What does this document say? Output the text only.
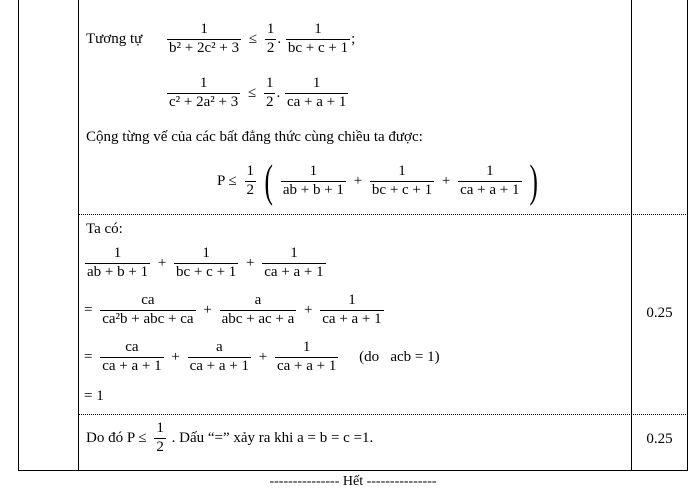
Tương tự $\frac{1}{\text{b² + 2c² + 3}} \le \frac{1}{2}$ . $\frac{1}{bc + c + 1}$ ;
$\frac{1}{\text{c² + 2a² + 3}} \le \frac{1}{2}$ . $\frac{1}{ca + a + 1}$
Cộng từng vế của các bất đẳng thức cùng chiều ta được:
$P \le \frac{1}{2}$ ( $\frac{1}{ab + b + 1} + \frac{1}{bc + c + 1} + \frac{1}{ca + a + 1}$ )
Ta có:
$\frac{1}{ab + b + 1} + \frac{1}{bc + c + 1} + \frac{1}{ca + a + 1}$
= $\frac{ca}{\text{ca²b + abc + ca}} + \frac{a}{\text{abc + ac + a}} + \frac{1}{ca + a + 1}$
= $\frac{ca}{ca + a + 1} + \frac{a}{ca + a + 1} + \frac{1}{ca + a + 1} (do$   acb = 1)
= 1
0.25
Do đó $P \le \frac{1}{2}$ . Dấu “=” xảy ra khi a = b = c =1.	0.25
--------------- Hết ---------------
